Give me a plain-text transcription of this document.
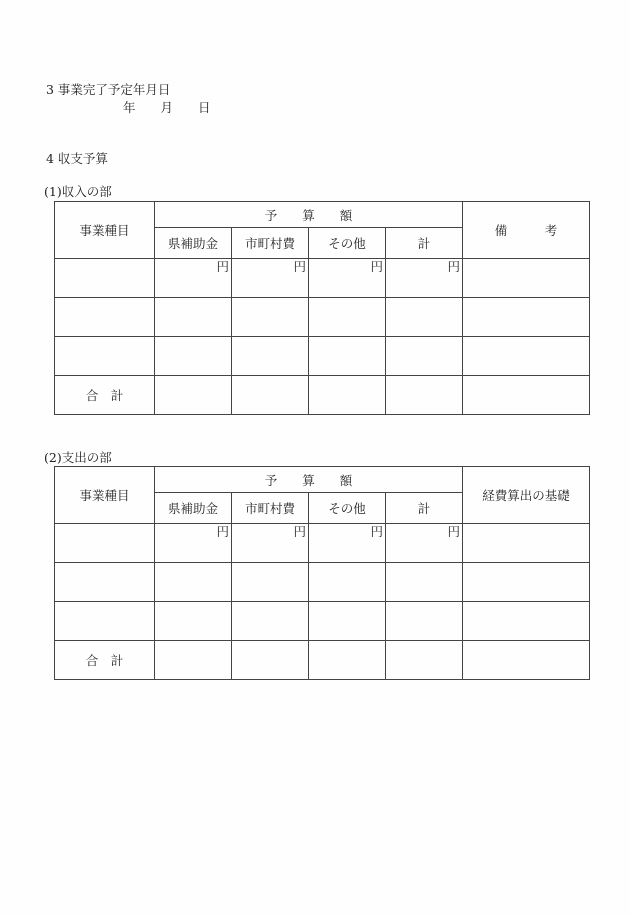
3 事業完了予定年月日
年　　月　　日
4 収支予算
(1)収入の部
事業種目	予　　算　　額				備　　　考
	県補助金	市町村費	その他	計	
	円	円	円	円	

合　計					
(2)支出の部
事業種目	予　　算　　額				経費算出の基礎
	県補助金	市町村費	その他	計	
	円	円	円	円	

合　計					
